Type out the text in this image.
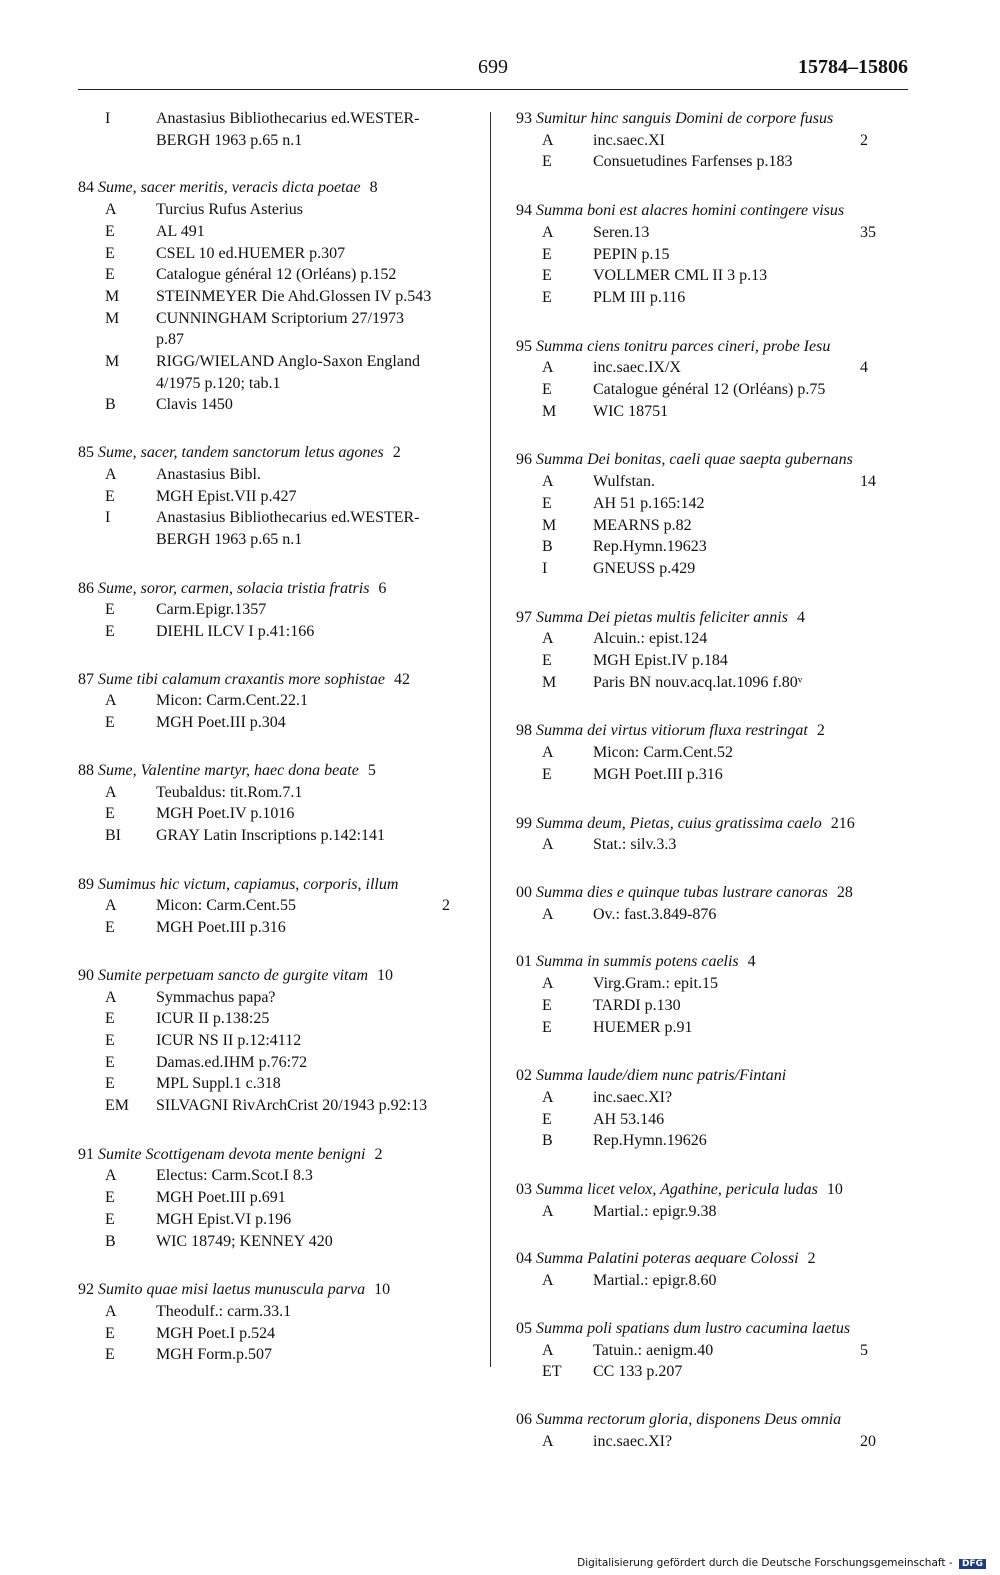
699	15784–15806
I	Anastasius Bibliothecarius ed.WESTER-
BERGH 1963 p.65 n.1
84 Sume, sacer meritis, veracis dicta poetae 8
A Turcius Rufus Asterius
E	AL 491
E	CSEL 10 ed.HUEMER p.307
E	Catalogue général 12 (Orléans) p.152
M STEINMEYER Die Ahd.Glossen IV p.543
M CUNNINGHAM Scriptorium 27/1973
p.87
M RIGG/WIELAND Anglo-Saxon England
4/1975 p.120; tab.1
B	Clavis 1450
85 Sume, sacer, tandem sanctorum letus agones 2
A Anastasius Bibl.
E	MGH Epist.VII p.427
I	Anastasius Bibliothecarius ed.WESTER-
BERGH 1963 p.65 n.1
86 Sume, soror, carmen, solacia tristia fratris 6
E	Carm.Epigr.1357
E	DIEHL ILCV I p.41:166
87 Sume tibi calamum craxantis more sophistae 42
A Micon: Carm.Cent.22.1
E	MGH Poet.III p.304
88 Sume, Valentine martyr, haec dona beate 5
A Teubaldus: tit.Rom.7.1
E	MGH Poet.IV p.1016
BI GRAY Latin Inscriptions p.142:141
89 Sumimus hic victum, capiamus, corporis, illum
A Micon: Carm.Cent.55	2
E	MGH Poet.III p.316
90 Sumite perpetuam sancto de gurgite vitam 10
A Symmachus papa?
E	ICUR II p.138:25
E	ICUR NS II p.12:4112
E	Damas.ed.IHM p.76:72
E	MPL Suppl.1 c.318
EM SILVAGNI RivArchCrist 20/1943 p.92:13
91 Sumite Scottigenam devota mente benigni 2
A Electus: Carm.Scot.I 8.3
E	MGH Poet.III p.691
E	MGH Epist.VI p.196
B	WIC 18749; KENNEY 420
92 Sumito quae misi laetus munuscula parva 10
A Theodulf.: carm.33.1
E	MGH Poet.I p.524
E	MGH Form.p.507
93 Sumitur hinc sanguis Domini de corpore fusus
A inc.saec.XI	2
E	Consuetudines Farfenses p.183
94 Summa boni est alacres homini contingere visus
A Seren.13	35
E	PEPIN p.15
E	VOLLMER CML II 3 p.13
E	PLM III p.116
95 Summa ciens tonitru parces cineri, probe Iesu
A inc.saec.IX/X	4
E	Catalogue général 12 (Orléans) p.75
M WIC 18751
96 Summa Dei bonitas, caeli quae saepta gubernans
A Wulfstan.	14
E	AH 51 p.165:142
M MEARNS p.82
B	Rep.Hymn.19623
I	GNEUSS p.429
97 Summa Dei pietas multis feliciter annis 4
A Alcuin.: epist.124
E	MGH Epist.IV p.184
M Paris BN nouv.acq.lat.1096 f.80ᵛ
98 Summa dei virtus vitiorum fluxa restringat 2
A Micon: Carm.Cent.52
E	MGH Poet.III p.316
99 Summa deum, Pietas, cuius gratissima caelo 216
A Stat.: silv.3.3
00 Summa dies e quinque tubas lustrare canoras 28
A Ov.: fast.3.849-876
01 Summa in summis potens caelis 4
A Virg.Gram.: epit.15
E	TARDI p.130
E	HUEMER p.91
02 Summa laude/diem nunc patris/Fintani
A inc.saec.XI?
E	AH 53.146
B	Rep.Hymn.19626
03 Summa licet velox, Agathine, pericula ludas 10
A Martial.: epigr.9.38
04 Summa Palatini poteras aequare Colossi 2
A Martial.: epigr.8.60
05 Summa poli spatians dum lustro cacumina laetus
A Tatuin.: aenigm.40	5
ET CC 133 p.207
06 Summa rectorum gloria, disponens Deus omnia
A inc.saec.XI?	20
Digitalisierung gefördert durch die Deutsche Forschungsgemeinschaft - DFG
